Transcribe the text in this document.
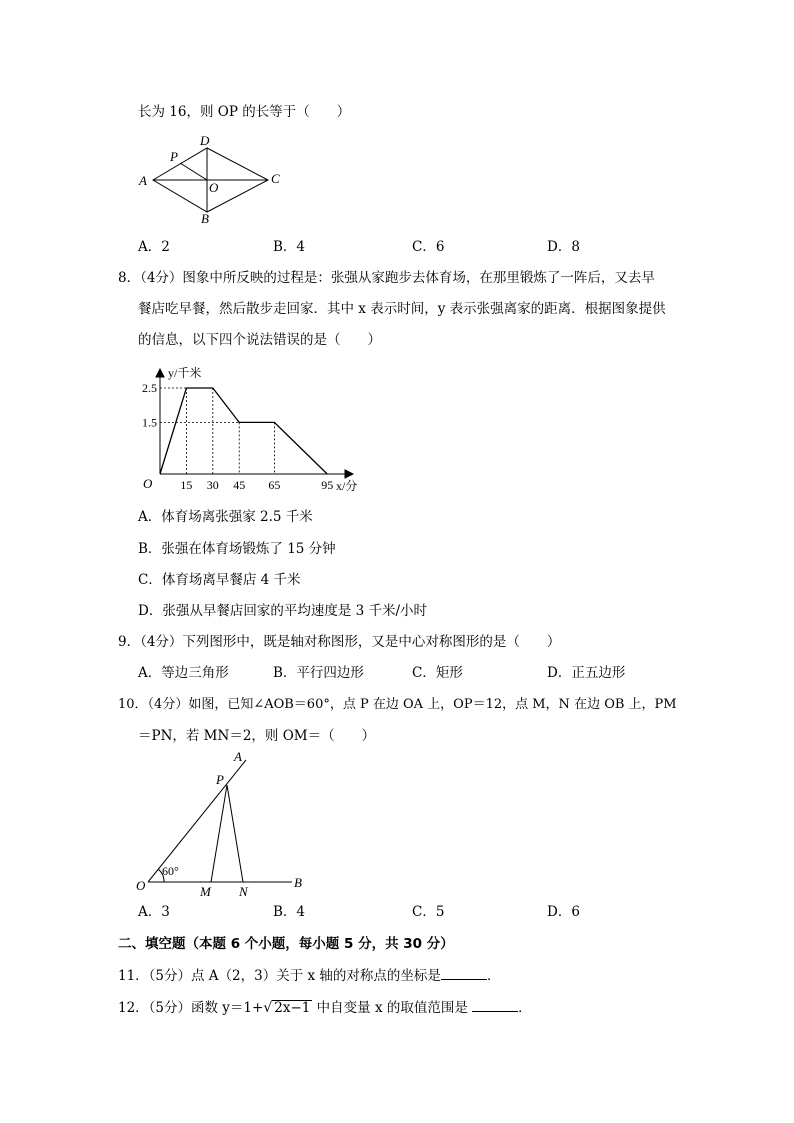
长为 16，则 OP 的长等于（　　）
A
D
C
B
O
P
A．2	B．4	C．6	D．8
8．（4分）图象中所反映的过程是：张强从家跑步去体育场，在那里锻炼了一阵后，又去早
餐店吃早餐，然后散步走回家．其中 x 表示时间，y 表示张强离家的距离．根据图象提供
的信息，以下四个说法错误的是（　　）
15 30 45 65	95
2.5
1.5
O
y/千米
x/分
A．体育场离张强家 2.5 千米
B．张强在体育场锻炼了 15 分钟
C．体育场离早餐店 4 千米
D．张强从早餐店回家的平均速度是 3 千米/小时
9．（4分）下列图形中，既是轴对称图形，又是中心对称图形的是（　　）
A．等边三角形	B．平行四边形	C．矩形	D．正五边形
10．（4分）如图，已知∠AOB＝60°，点 P 在边 OA 上，OP＝12，点 M，N 在边 OB 上，PM
＝PN，若 MN＝2，则 OM＝（　　）
A
B
O
P
M N
60°
A．3	B．4	C．5	D．6
二、填空题（本题 6 个小题，每小题 5 分，共 30 分）
11．（5分）点 A（2，3）关于 x 轴的对称点的坐标是	．
12．（5分）函数 y＝1+√ 2x−1 中自变量 x 的取值范围是	．
